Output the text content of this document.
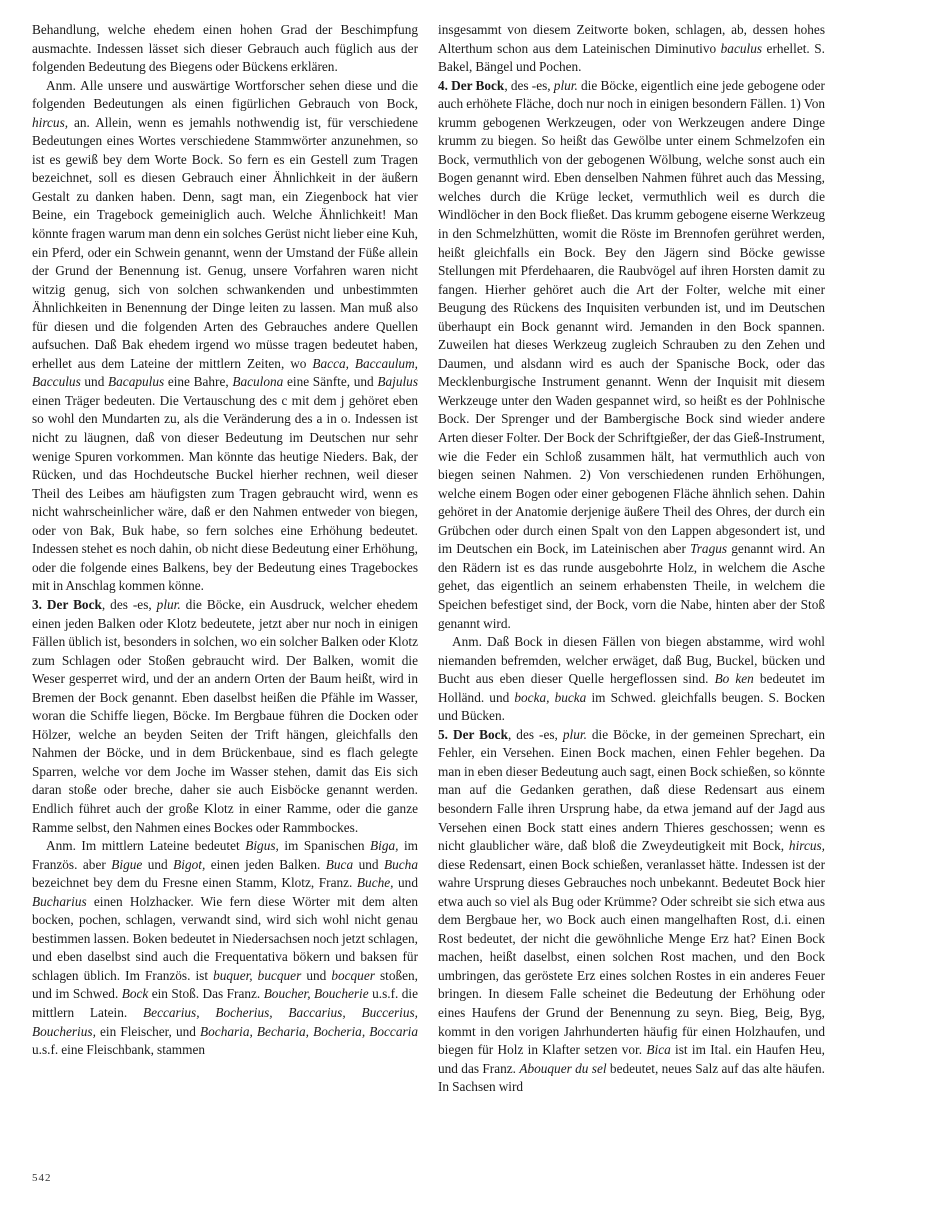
Behandlung, welche ehedem einen hohen Grad der Beschimpfung ausmachte. Indessen lässet sich dieser Gebrauch auch füglich aus der folgenden Bedeutung des Biegens oder Bückens erklären.

Anm. Alle unsere und auswärtige Wortforscher sehen diese und die folgenden Bedeutungen als einen figürlichen Gebrauch von Bock, hircus, an. Allein, wenn es jemahls nothwendig ist, für verschiedene Bedeutungen eines Wortes verschiedene Stammwörter anzunehmen, so ist es gewiß bey dem Worte Bock. So fern es ein Gestell zum Tragen bezeichnet, soll es diesen Gebrauch einer Ähnlichkeit in der äußern Gestalt zu danken haben. Denn, sagt man, ein Ziegenbock hat vier Beine, ein Tragebock gemeiniglich auch. Welche Ähnlichkeit! Man könnte fragen warum man denn ein solches Gerüst nicht lieber eine Kuh, ein Pferd, oder ein Schwein genannt, wenn der Umstand der Füße allein der Grund der Benennung ist. Genug, unsere Vorfahren waren nicht witzig genug, sich von solchen schwankenden und unbestimmten Ähnlichkeiten in Benennung der Dinge leiten zu lassen. Man muß also für diesen und die folgenden Arten des Gebrauches andere Quellen aufsuchen. Daß Bak ehedem irgend wo müsse tragen bedeutet haben, erhellet aus dem Lateine der mittlern Zeiten, wo Bacca, Baccaulum, Bacculus und Bacapulus eine Bahre, Baculona eine Sänfte, und Bajulus einen Träger bedeuten. Die Vertauschung des c mit dem j gehöret eben so wohl den Mundarten zu, als die Veränderung des a in o. Indessen ist nicht zu läugnen, daß von dieser Bedeutung im Deutschen nur sehr wenige Spuren vorkommen. Man könnte das heutige Nieders. Bak, der Rücken, und das Hochdeutsche Buckel hierher rechnen, weil dieser Theil des Leibes am häufigsten zum Tragen gebraucht wird, wenn es nicht wahrscheinlicher wäre, daß er den Nahmen entweder von biegen, oder von Bak, Buk habe, so fern solches eine Erhöhung bedeutet. Indessen stehet es noch dahin, ob nicht diese Bedeutung einer Erhöhung, oder die folgende eines Balkens, bey der Bedeutung eines Tragebockes mit in Anschlag kommen könne.

3. Der Bock, des -es, plur. die Böcke, ein Ausdruck, welcher ehedem einen jeden Balken oder Klotz bedeutete, jetzt aber nur noch in einigen Fällen üblich ist, besonders in solchen, wo ein solcher Balken oder Klotz zum Schlagen oder Stoßen gebraucht wird. Der Balken, womit die Weser gesperret wird, und der an andern Orten der Baum heißt, wird in Bremen der Bock genannt. Eben daselbst heißen die Pfähle im Wasser, woran die Schiffe liegen, Böcke. Im Bergbaue führen die Docken oder Hölzer, welche an beyden Seiten der Trift hängen, gleichfalls den Nahmen der Böcke, und in dem Brückenbaue, sind es flach gelegte Sparren, welche vor dem Joche im Wasser stehen, damit das Eis sich daran stoße oder breche, daher sie auch Eisböcke genannt werden. Endlich führet auch der große Klotz in einer Ramme, oder die ganze Ramme selbst, den Nahmen eines Bockes oder Rammbockes.

Anm. Im mittlern Lateine bedeutet Bigus, im Spanischen Biga, im Französ. aber Bigue und Bigot, einen jeden Balken. Buca und Bucha bezeichnet bey dem du Fresne einen Stamm, Klotz, Franz. Buche, und Bucharius einen Holzhacker. Wie fern diese Wörter mit dem alten bocken, pochen, schlagen, verwandt sind, wird sich wohl nicht genau bestimmen lassen. Boken bedeutet in Niedersachsen noch jetzt schlagen, und eben daselbst sind auch die Frequentativa bökern und baksen für schlagen üblich. Im Französ. ist buquer, bucquer und bocquer stoßen, und im Schwed. Bock ein Stoß. Das Franz. Boucher, Boucherie u.s.f. die mittlern Latein. Beccarius, Bocherius, Baccarius, Buccerius, Boucherius, ein Fleischer, und Bocharia, Becharia, Bocheria, Boccaria u.s.f. eine Fleischbank, stammen

insgesammt von diesem Zeitworte boken, schlagen, ab, dessen hohes Alterthum schon aus dem Lateinischen Diminutivo baculus erhellet. S. Bakel, Bängel und Pochen.

4. Der Bock, des -es, plur. die Böcke, eigentlich eine jede gebogene oder auch erhöhete Fläche, doch nur noch in einigen besondern Fällen. 1) Von krumm gebogenen Werkzeugen, oder von Werkzeugen andere Dinge krumm zu biegen. So heißt das Gewölbe unter einem Schmelzofen ein Bock, vermuthlich von der gebogenen Wölbung, welche sonst auch ein Bogen genannt wird. Eben denselben Nahmen führet auch das Messing, welches durch die Krüge lecket, vermuthlich weil es durch die Windlöcher in den Bock fließet. Das krumm gebogene eiserne Werkzeug in den Schmelzhütten, womit die Röste im Brennofen gerühret werden, heißt gleichfalls ein Bock. Bey den Jägern sind Böcke gewisse Stellungen mit Pferdehaaren, die Raubvögel auf ihren Horsten damit zu fangen. Hierher gehöret auch die Art der Folter, welche mit einer Beugung des Rückens des Inquisiten verbunden ist, und im Deutschen überhaupt ein Bock genannt wird. Jemanden in den Bock spannen. Zuweilen hat dieses Werkzeug zugleich Schrauben zu den Zehen und Daumen, und alsdann wird es auch der Spanische Bock, oder das Mecklenburgische Instrument genannt. Wenn der Inquisit mit diesem Werkzeuge unter den Waden gespannet wird, so heißt es der Pohlnische Bock. Der Sprenger und der Bambergische Bock sind wieder andere Arten dieser Folter. Der Bock der Schriftgießer, der das Gieß-Instrument, wie die Feder ein Schloß zusammen hält, hat vermuthlich auch von biegen seinen Nahmen. 2) Von verschiedenen runden Erhöhungen, welche einem Bogen oder einer gebogenen Fläche ähnlich sehen. Dahin gehöret in der Anatomie derjenige äußere Theil des Ohres, der durch ein Grübchen oder durch einen Spalt von den Lappen abgesondert ist, und im Deutschen ein Bock, im Lateinischen aber Tragus genannt wird. An den Rädern ist es das runde ausgebohrte Holz, in welchem die Asche gehet, das eigentlich an seinem erhabensten Theile, in welchem die Speichen befestiget sind, der Bock, vorn die Nabe, hinten aber der Stoß genannt wird.

Anm. Daß Bock in diesen Fällen von biegen abstamme, wird wohl niemanden befremden, welcher erwäget, daß Bug, Buckel, bücken und Bucht aus eben dieser Quelle hergeflossen sind. Bo ken bedeutet im Holländ. und bocka, bucka im Schwed. gleichfalls beugen. S. Bocken und Bücken.

5. Der Bock, des -es, plur. die Böcke, in der gemeinen Sprechart, ein Fehler, ein Versehen. Einen Bock machen, einen Fehler begehen. Da man in eben dieser Bedeutung auch sagt, einen Bock schießen, so könnte man auf die Gedanken gerathen, daß diese Redensart aus einem besondern Falle ihren Ursprung habe, da etwa jemand auf der Jagd aus Versehen einen Bock statt eines andern Thieres geschossen; wenn es nicht glaublicher wäre, daß bloß die Zweydeutigkeit mit Bock, hircus, diese Redensart, einen Bock schießen, veranlasset hätte. Indessen ist der wahre Ursprung dieses Gebrauches noch unbekannt. Bedeutet Bock hier etwa auch so viel als Bug oder Krümme? Oder schreibt sie sich etwa aus dem Bergbaue her, wo Bock auch einen mangelhaften Rost, d.i. einen Rost bedeutet, der nicht die gewöhnliche Menge Erz hat? Einen Bock machen, heißt daselbst, einen solchen Rost machen, und den Bock umbringen, das geröstete Erz eines solchen Rostes in ein anderes Feuer bringen. In diesem Falle scheinet die Bedeutung der Erhöhung oder eines Haufens der Grund der Benennung zu seyn. Bieg, Beig, Byg, kommt in den vorigen Jahrhunderten häufig für einen Holzhaufen, und biegen für Holz in Klafter setzen vor. Bica ist im Ital. ein Haufen Heu, und das Franz. Abouquer du sel bedeutet, neues Salz auf das alte häufen. In Sachsen wird

542
